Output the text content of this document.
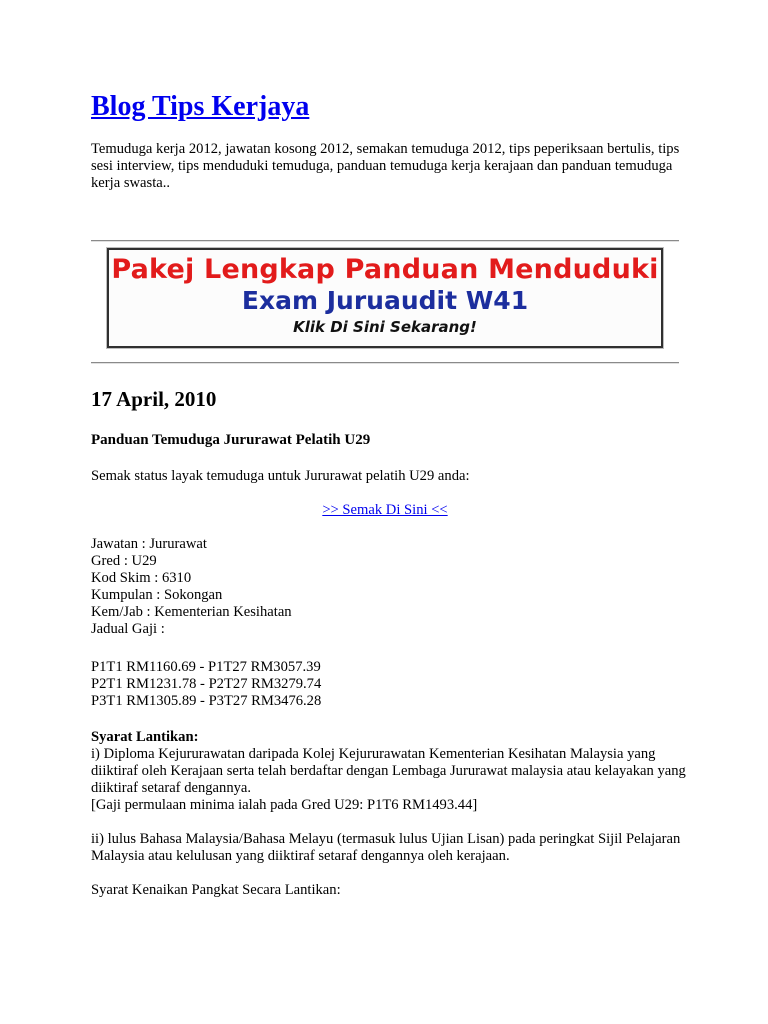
Blog Tips Kerjaya

Temuduga kerja 2012, jawatan kosong 2012, semakan temuduga 2012, tips peperiksaan bertulis, tips sesi interview, tips menduduki temuduga, panduan temuduga kerja kerajaan dan panduan temuduga kerja swasta..

Pakej Lengkap Panduan Menduduki
Exam Juruaudit W41
Klik Di Sini Sekarang!
17 April, 2010
Panduan Temuduga Jururawat Pelatih U29

Semak status layak temuduga untuk Jururawat pelatih U29 anda:

>> Semak Di Sini <<

Jawatan : Jururawat
Gred : U29
Kod Skim : 6310
Kumpulan : Sokongan
Kem/Jab : Kementerian Kesihatan
Jadual Gaji :

P1T1 RM1160.69 - P1T27 RM3057.39
P2T1 RM1231.78 - P2T27 RM3279.74
P3T1 RM1305.89 - P3T27 RM3476.28

Syarat Lantikan:
i) Diploma Kejururawatan daripada Kolej Kejururawatan Kementerian Kesihatan Malaysia yang diiktiraf oleh Kerajaan serta telah berdaftar dengan Lembaga Jururawat malaysia atau kelayakan yang diiktiraf setaraf dengannya.
[Gaji permulaan minima ialah pada Gred U29: P1T6 RM1493.44]

ii) lulus Bahasa Malaysia/Bahasa Melayu (termasuk lulus Ujian Lisan) pada peringkat Sijil Pelajaran Malaysia atau kelulusan yang diiktiraf setaraf dengannya oleh kerajaan.

Syarat Kenaikan Pangkat Secara Lantikan:
